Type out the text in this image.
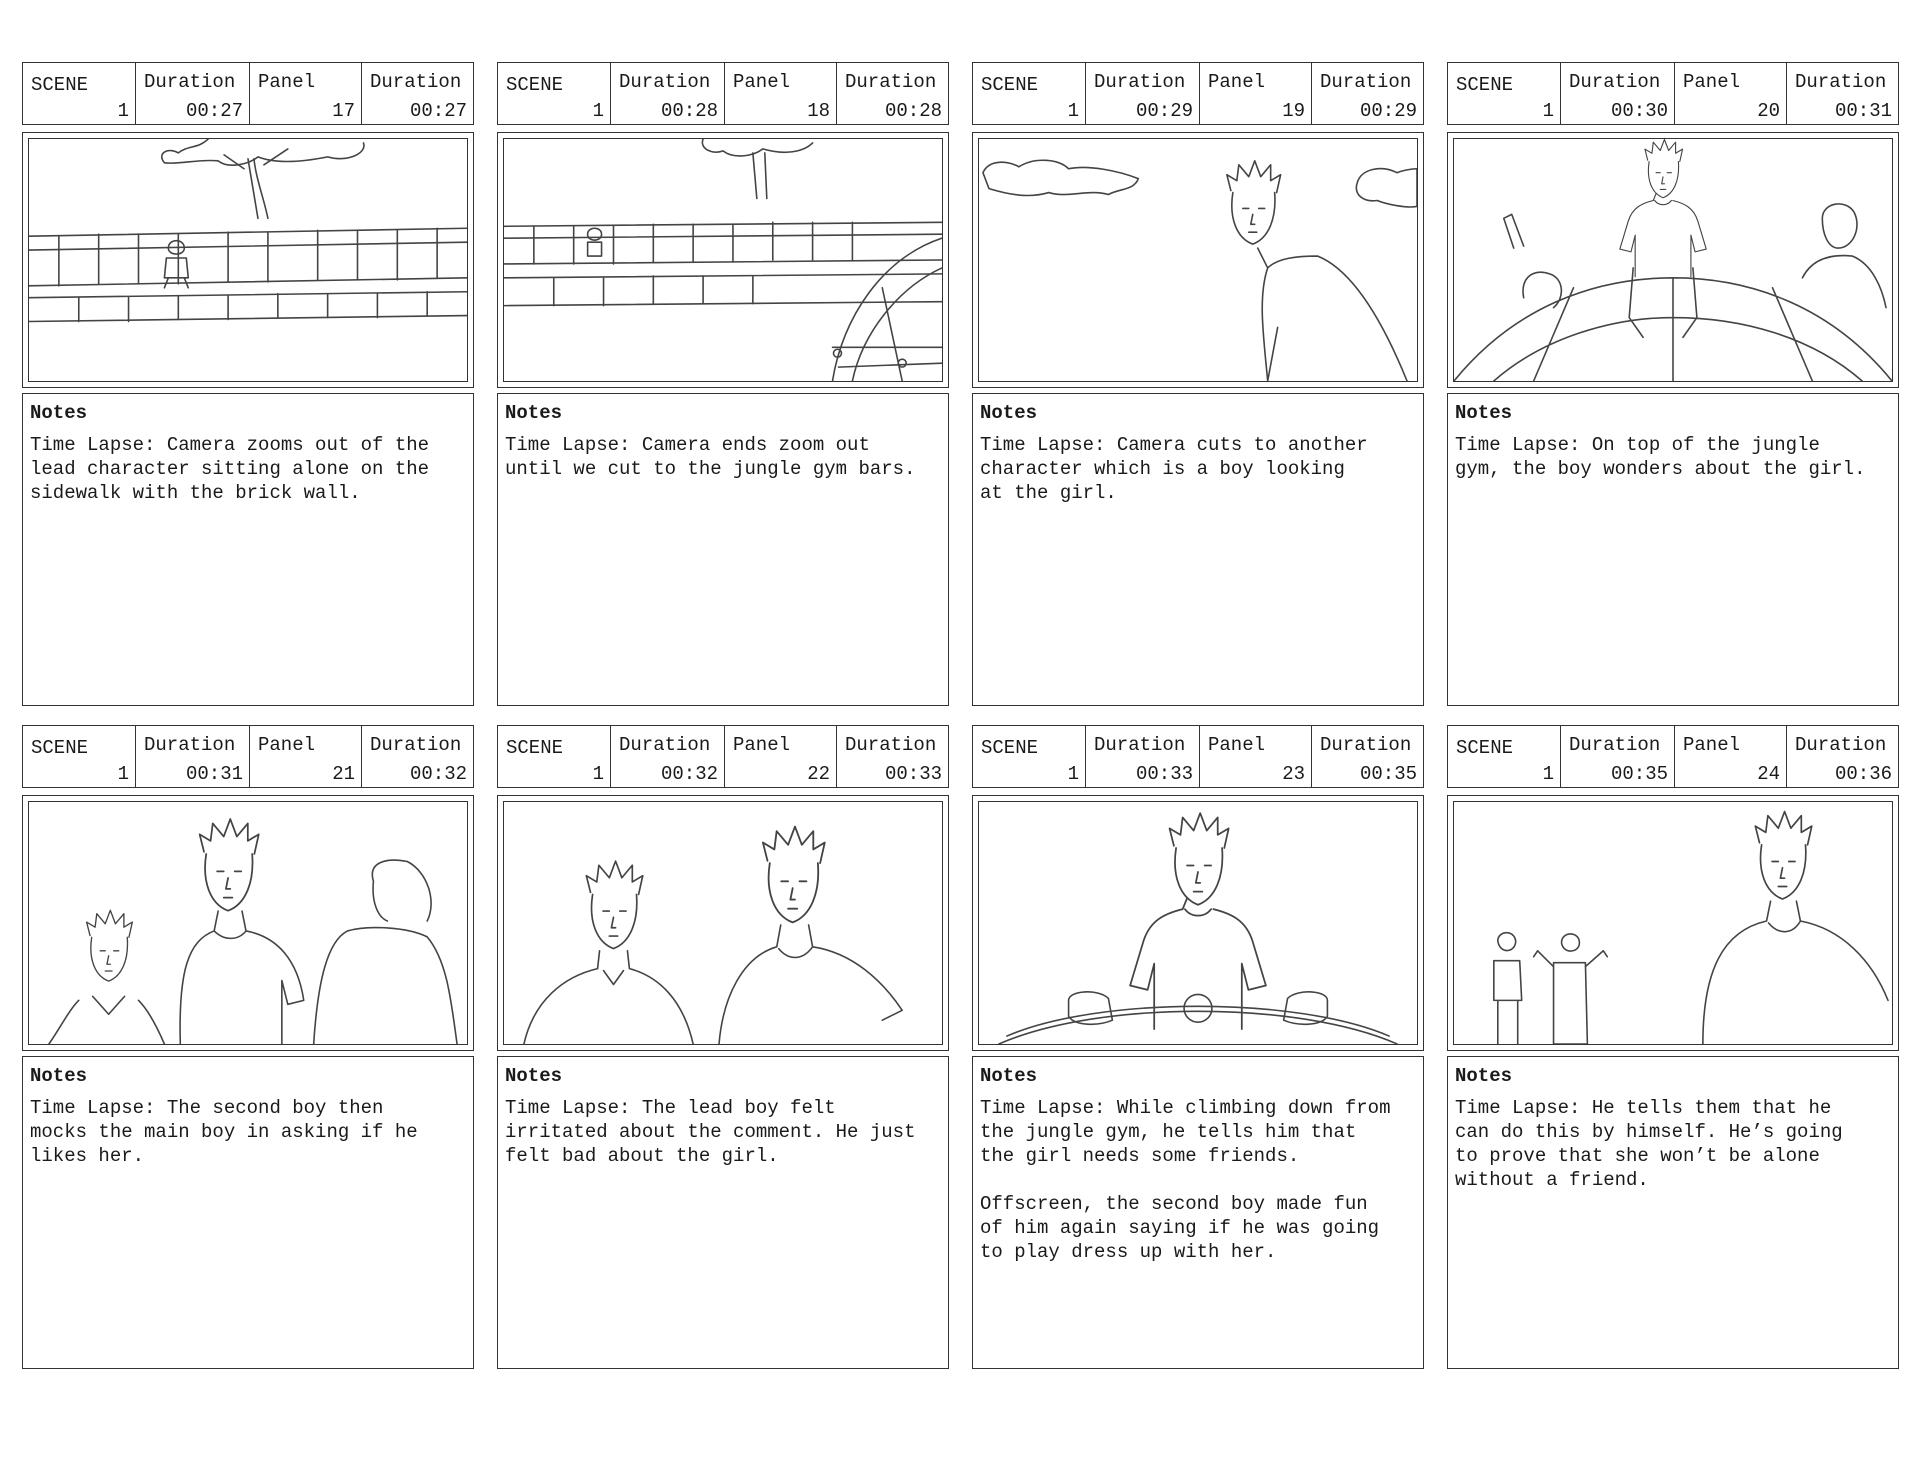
SCENE
1
Duration
00:27
Panel
17
Duration
00:27
Notes

Time Lapse: Camera zooms out of the
lead character sitting alone on the
sidewalk with the brick wall.

SCENE
1
Duration
00:28
Panel
18
Duration
00:28
Notes

Time Lapse: Camera ends zoom out
until we cut to the jungle gym bars.

SCENE
1
Duration
00:29
Panel
19
Duration
00:29
Notes

Time Lapse: Camera cuts to another
character which is a boy looking
at the girl.

SCENE
1
Duration
00:30
Panel
20
Duration
00:31
Notes

Time Lapse: On top of the jungle
gym, the boy wonders about the girl.

SCENE
1
Duration
00:31
Panel
21
Duration
00:32
Notes

Time Lapse: The second boy then
mocks the main boy in asking if he
likes her.

SCENE
1
Duration
00:32
Panel
22
Duration
00:33
Notes

Time Lapse: The lead boy felt
irritated about the comment. He just
felt bad about the girl.

SCENE
1
Duration
00:33
Panel
23
Duration
00:35
Notes

Time Lapse: While climbing down from
the jungle gym, he tells him that
the girl needs some friends.

Offscreen, the second boy made fun
of him again saying if he was going
to play dress up with her.

SCENE
1
Duration
00:35
Panel
24
Duration
00:36
Notes

Time Lapse: He tells them that he
can do this by himself. He’s going
to prove that she won’t be alone
without a friend.
